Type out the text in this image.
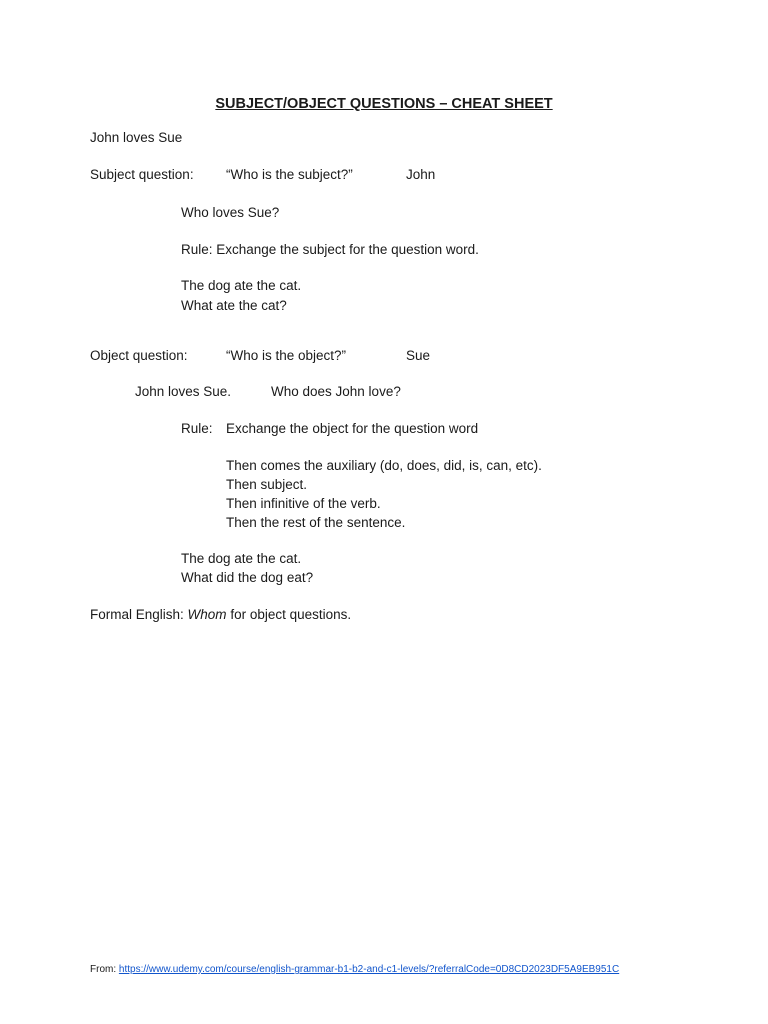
SUBJECT/OBJECT QUESTIONS – CHEAT SHEET

John loves Sue

Subject question: “Who is the subject?”	John

Who loves Sue?

Rule: Exchange the subject for the question word.

The dog ate the cat.

What ate the cat?

Object question:	“Who is the object?”	Sue

John loves Sue.	Who does John love?

Rule: Exchange the object for the question word

Then comes the auxiliary (do, does, did, is, can, etc).

Then subject.

Then infinitive of the verb.

Then the rest of the sentence.

The dog ate the cat.

What did the dog eat?

Formal English: Whom for object questions.

From: https://www.udemy.com/course/english-grammar-b1-b2-and-c1-levels/?referralCode=0D8CD2023DF5A9EB951C
